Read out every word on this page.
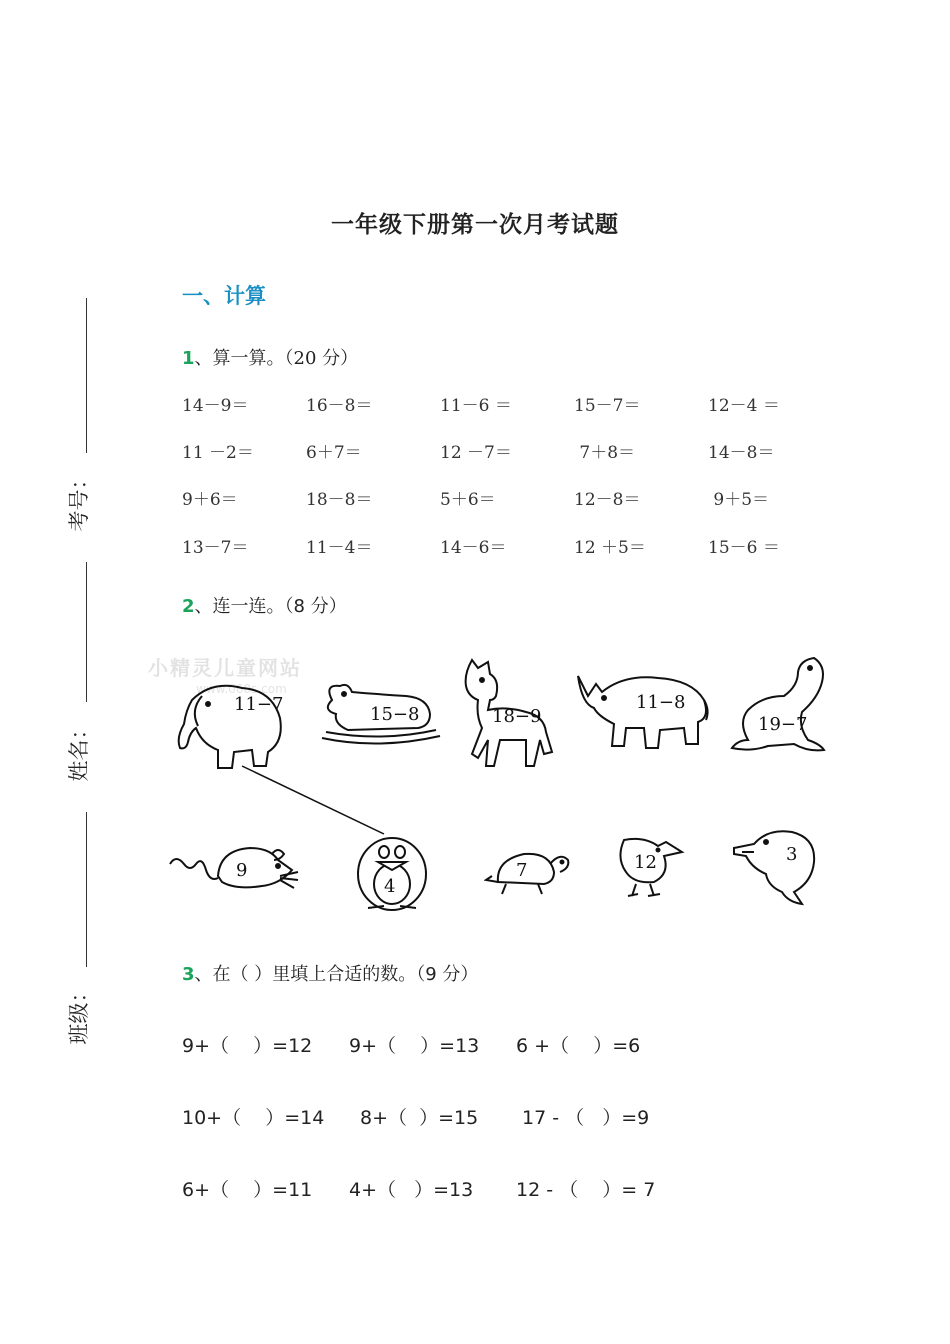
考号：
姓名：
班级：
一年级下册第一次月考试题
一、计算
1、算一算。（20 分）
14－9＝	16－8＝	11－6 ＝	15－7＝	12－4 ＝
11 －2＝	6＋7＝	12 －7＝	7＋8＝	14－8＝
9＋6＝	18－8＝	5＋6＝	12－8＝	9＋5＝
13－7＝	11－4＝	14－6＝	12 ＋5＝	15－6 ＝
2、连一连。（8 分）
小精灵儿童网站
www.060s.com
11−7	15−8	18−9
11−8
19−7
9
4
7	12	3
3、在（ ）里填上合适的数。（9 分）
9+（    ）=12 9+（    ）=13 6 +（    ）=6
10+（    ）=14 8+（  ）=15 17 - （   ）=9
6+（    ）=11 4+（   ）=13 12 - （    ）= 7
